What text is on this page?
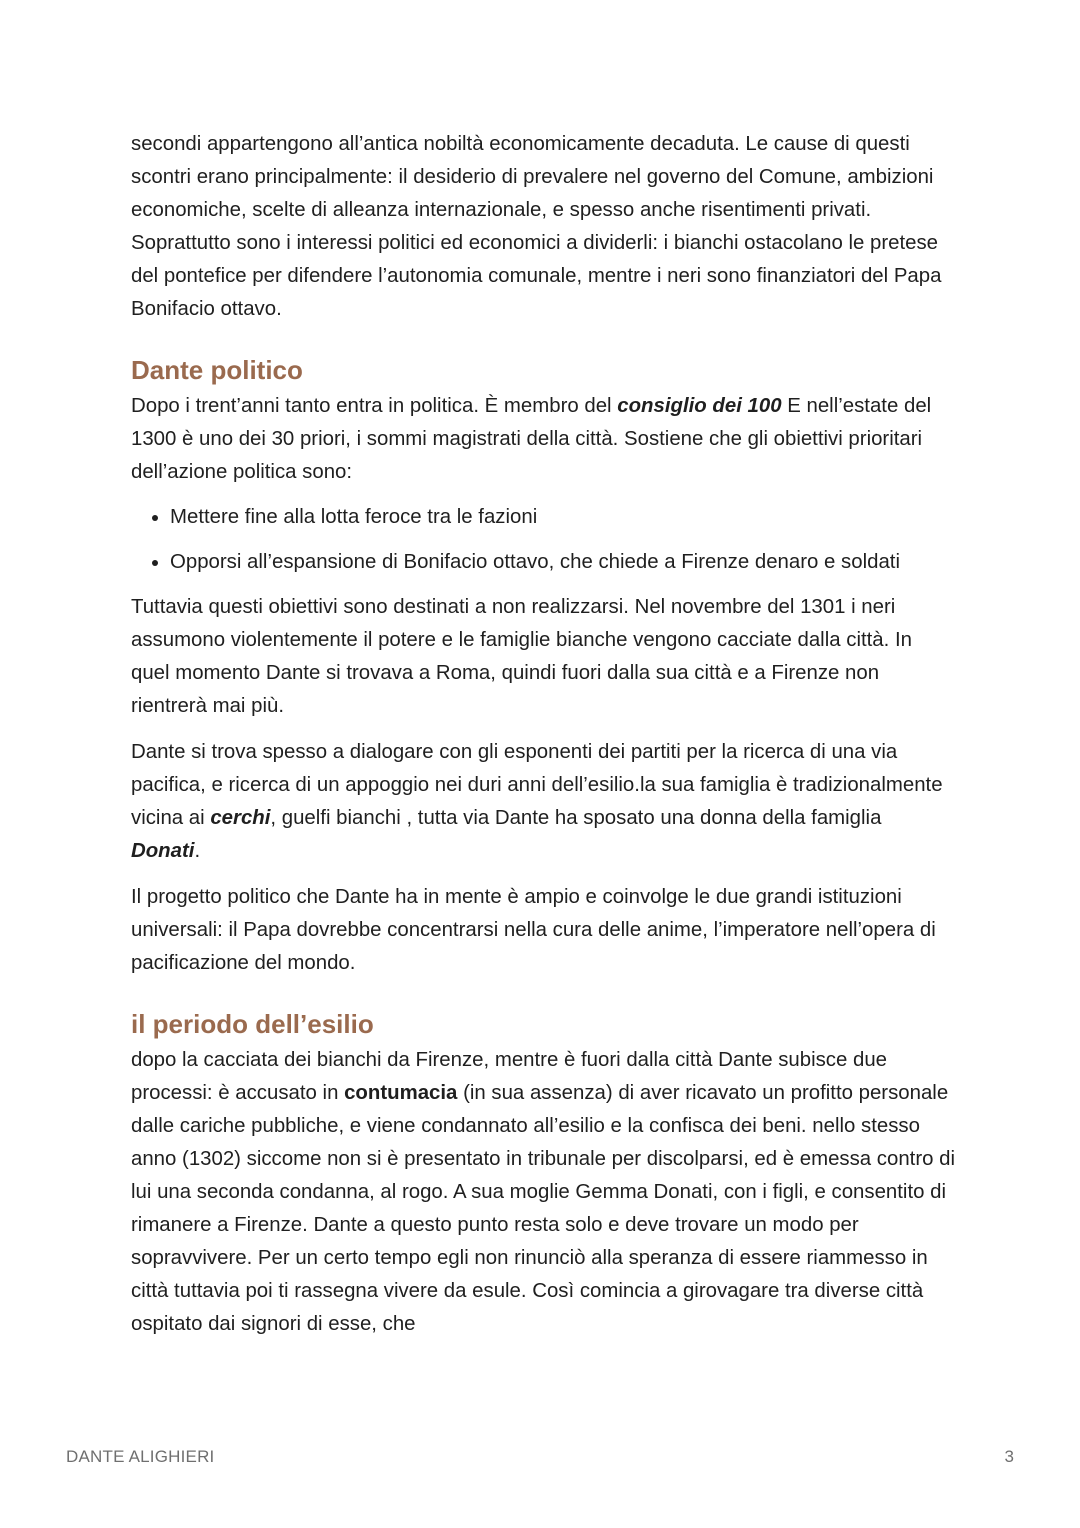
secondi appartengono all’antica nobiltà economicamente decaduta. Le cause di questi scontri erano principalmente: il desiderio di prevalere nel governo del Comune, ambizioni economiche, scelte di alleanza internazionale, e spesso anche risentimenti privati. Soprattutto sono i interessi politici ed economici a dividerli: i bianchi ostacolano le pretese del pontefice per difendere l’autonomia comunale, mentre i neri sono finanziatori del Papa Bonifacio ottavo.

Dante politico

Dopo i trent’anni tanto entra in politica. È membro del consiglio dei 100 E nell’estate del 1300 è uno dei 30 priori, i sommi magistrati della città. Sostiene che gli obiettivi prioritari dell’azione politica sono:

• Mettere fine alla lotta feroce tra le fazioni
• Opporsi all’espansione di Bonifacio ottavo, che chiede a Firenze denaro e soldati

Tuttavia questi obiettivi sono destinati a non realizzarsi. Nel novembre del 1301 i neri assumono violentemente il potere e le famiglie bianche vengono cacciate dalla città. In quel momento Dante si trovava a Roma, quindi fuori dalla sua città e a Firenze non rientrerà mai più.

Dante si trova spesso a dialogare con gli esponenti dei partiti per la ricerca di una via pacifica, e ricerca di un appoggio nei duri anni dell’esilio.la sua famiglia è tradizionalmente vicina ai cerchi, guelfi bianchi , tutta via Dante ha sposato una donna della famiglia Donati.

Il progetto politico che Dante ha in mente è ampio e coinvolge le due grandi istituzioni universali: il Papa dovrebbe concentrarsi nella cura delle anime, l’imperatore nell’opera di pacificazione del mondo.

il periodo dell’esilio

dopo la cacciata dei bianchi da Firenze, mentre è fuori dalla città Dante subisce due processi: è accusato in contumacia (in sua assenza) di aver ricavato un profitto personale dalle cariche pubbliche, e viene condannato all’esilio e la confisca dei beni. nello stesso anno (1302) siccome non si è presentato in tribunale per discolparsi, ed è emessa contro di lui una seconda condanna, al rogo. A sua moglie Gemma Donati, con i figli, e consentito di rimanere a Firenze. Dante a questo punto resta solo e deve trovare un modo per sopravvivere. Per un certo tempo egli non rinunciò alla speranza di essere riammesso in città tuttavia poi ti rassegna vivere da esule. Così comincia a girovagare tra diverse città ospitato dai signori di esse, che

DANTE ALIGHIERI	3
